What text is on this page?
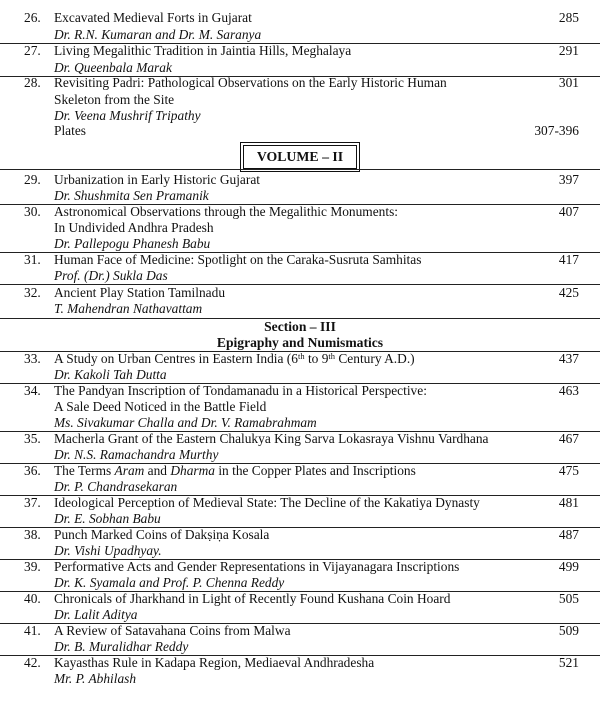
26. Excavated Medieval Forts in Gujarat	285
Dr. R.N. Kumaran and Dr. M. Saranya
27. Living Megalithic Tradition in Jaintia Hills, Meghalaya	291
Dr. Queenbala Marak
28. Revisiting Padri: Pathological Observations on the Early Historic Human	301
Skeleton from the Site
Dr. Veena Mushrif Tripathy
Plates	307-396
VOLUME – II
29. Urbanization in Early Historic Gujarat	397
Dr. Shushmita Sen Pramanik
30. Astronomical Observations through the Megalithic Monuments:	407
In Undivided Andhra Pradesh
Dr. Pallepogu Phanesh Babu
31. Human Face of Medicine: Spotlight on the Caraka-Susruta Samhitas	417
Prof. (Dr.) Sukla Das
32. Ancient Play Station Tamilnadu	425
T. Mahendran Nathavattam
Section – III
Epigraphy and Numismatics
33. A Study on Urban Centres in Eastern India (6th to 9th Century A.D.)	437
Dr. Kakoli Tah Dutta
34. The Pandyan Inscription of Tondamanadu in a Historical Perspective:	463
A Sale Deed Noticed in the Battle Field
Ms. Sivakumar Challa and Dr. V. Ramabrahmam
35. Macherla Grant of the Eastern Chalukya King Sarva Lokasraya Vishnu Vardhana	467
Dr. N.S. Ramachandra Murthy
36. The Terms Aram and Dharma in the Copper Plates and Inscriptions	475
Dr. P. Chandrasekaran
37. Ideological Perception of Medieval State: The Decline of the Kakatiya Dynasty	481
Dr. E. Sobhan Babu
38. Punch Marked Coins of Dakṣiṇa Kosala	487
Dr. Vishi Upadhyay.
39. Performative Acts and Gender Representations in Vijayanagara Inscriptions	499
Dr. K. Syamala and Prof. P. Chenna Reddy
40. Chronicals of Jharkhand in Light of Recently Found Kushana Coin Hoard	505
Dr. Lalit Aditya
41. A Review of Satavahana Coins from Malwa	509
Dr. B. Muralidhar Reddy
42. Kayasthas Rule in Kadapa Region, Mediaeval Andhradesha	521
Mr. P. Abhilash
